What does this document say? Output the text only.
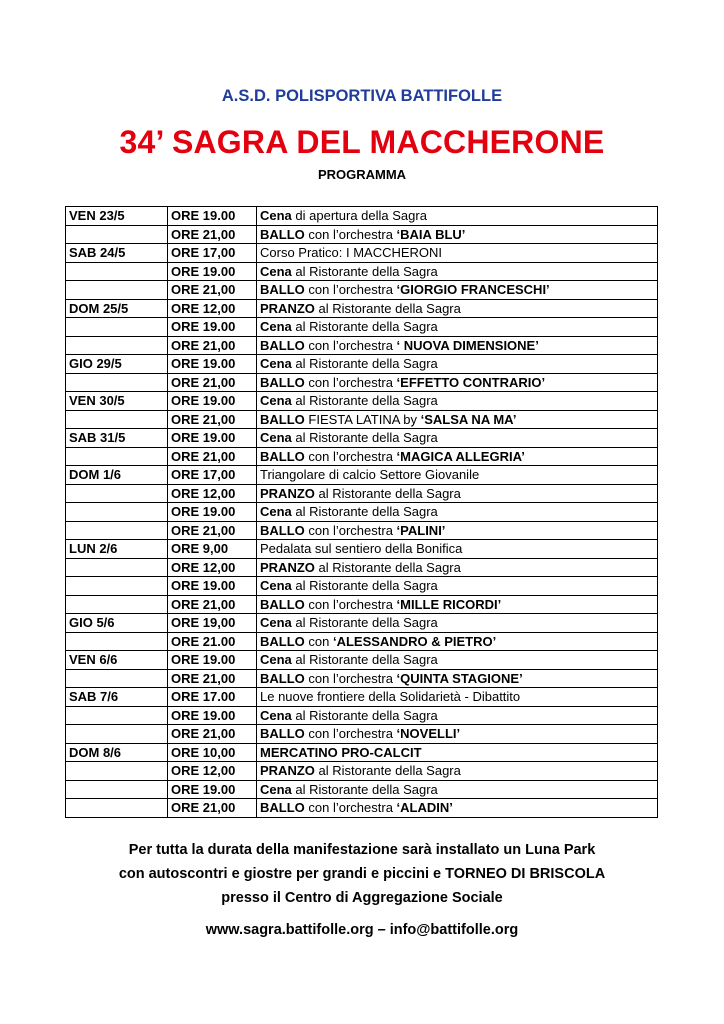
A.S.D. POLISPORTIVA BATTIFOLLE
34’ SAGRA DEL MACCHERONE
PROGRAMMA
VEN 23/5	ORE 19.00	Cena di apertura della Sagra
	ORE 21,00	BALLO con l’orchestra ‘BAIA BLU’
SAB 24/5	ORE 17,00	Corso Pratico: I MACCHERONI
	ORE 19.00	Cena al Ristorante della Sagra
	ORE 21,00	BALLO con l’orchestra ‘GIORGIO FRANCESCHI’
DOM 25/5	ORE 12,00	PRANZO al Ristorante della Sagra
	ORE 19.00	Cena al Ristorante della Sagra
	ORE 21,00	BALLO con l’orchestra ‘ NUOVA DIMENSIONE’
GIO 29/5	ORE 19.00	Cena al Ristorante della Sagra
	ORE 21,00	BALLO con l’orchestra ‘EFFETTO CONTRARIO’
VEN 30/5	ORE 19.00	Cena al Ristorante della Sagra
	ORE 21,00	BALLO FIESTA LATINA by ‘SALSA NA MA’
SAB 31/5	ORE 19.00	Cena al Ristorante della Sagra
	ORE 21,00	BALLO con l’orchestra ‘MAGICA ALLEGRIA’
DOM 1/6	ORE 17,00	Triangolare di calcio Settore Giovanile
	ORE 12,00	PRANZO al Ristorante della Sagra
	ORE 19.00	Cena al Ristorante della Sagra
	ORE 21,00	BALLO con l’orchestra ‘PALINI’
LUN 2/6	ORE 9,00	Pedalata sul sentiero della Bonifica
	ORE 12,00	PRANZO al Ristorante della Sagra
	ORE 19.00	Cena al Ristorante della Sagra
	ORE 21,00	BALLO con l’orchestra ‘MILLE RICORDI’
GIO 5/6	ORE 19,00	Cena al Ristorante della Sagra
	ORE 21.00	BALLO con ‘ALESSANDRO & PIETRO’
VEN 6/6	ORE 19.00	Cena al Ristorante della Sagra
	ORE 21,00	BALLO con l’orchestra ‘QUINTA STAGIONE’
SAB 7/6	ORE 17.00	Le nuove frontiere della Solidarietà - Dibattito
	ORE 19.00	Cena al Ristorante della Sagra
	ORE 21,00	BALLO con l’orchestra ‘NOVELLI’
DOM 8/6	ORE 10,00	MERCATINO PRO-CALCIT
	ORE 12,00	PRANZO al Ristorante della Sagra
	ORE 19.00	Cena al Ristorante della Sagra
	ORE 21,00	BALLO con l’orchestra ‘ALADIN’
Per tutta la durata della manifestazione sarà installato un Luna Park
con autoscontri e giostre per grandi e piccini e TORNEO DI BRISCOLA
presso il Centro di Aggregazione Sociale
www.sagra.battifolle.org – info@battifolle.org
